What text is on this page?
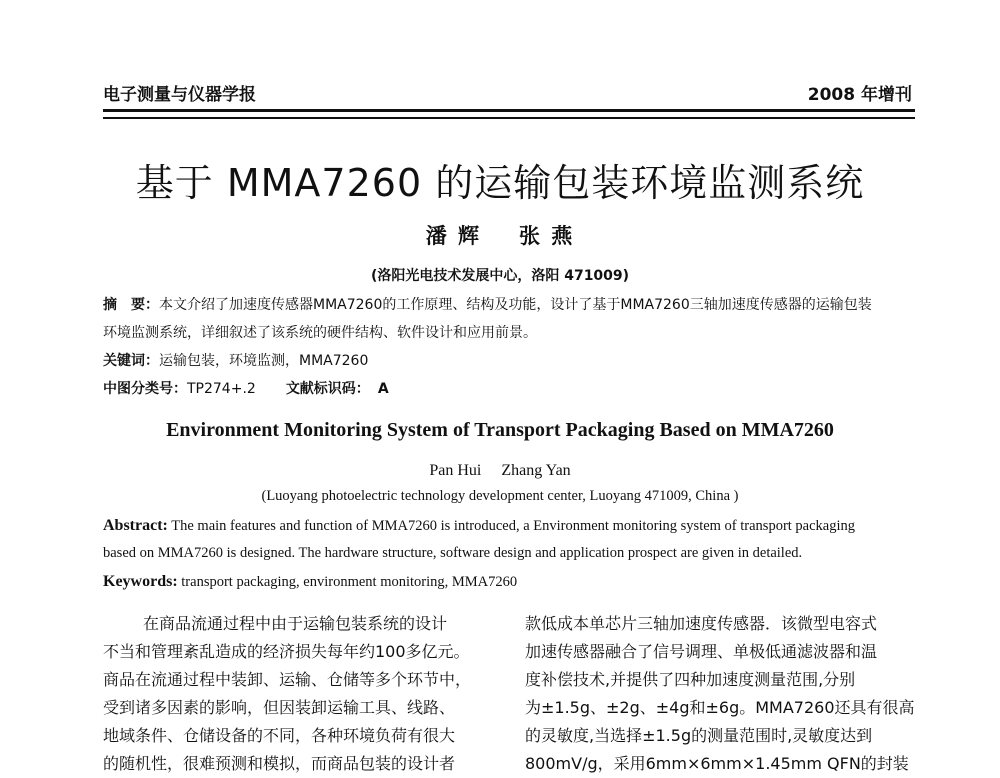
电子测量与仪器学报	2008 年增刊
基于 MMA7260 的运输包装环境监测系统
潘 辉 张 燕
(洛阳光电技术发展中心，洛阳 471009)
摘　要：本文介绍了加速度传感器MMA7260的工作原理、结构及功能，设计了基于MMA7260三轴加速度传感器的运输包装
环境监测系统，详细叙述了该系统的硬件结构、软件设计和应用前景。
关键词：运输包装，环境监测，MMA7260
中图分类号：TP274+.2 文献标识码： A
Environment Monitoring System of Transport Packaging Based on MMA7260
Pan Hui Zhang Yan
(Luoyang photoelectric technology development center, Luoyang 471009, China )
Abstract: The main features and function of MMA7260 is introduced, a Environment monitoring system of transport packaging
based on MMA7260 is designed. The hardware structure, software design and application prospect are given in detailed.
Keywords: transport packaging, environment monitoring, MMA7260
在商品流通过程中由于运输包装系统的设计
不当和管理紊乱造成的经济损失每年约100多亿元。
商品在流通过程中装卸、运输、仓储等多个环节中，
受到诸多因素的影响，但因装卸运输工具、线路、
地域条件、仓储设备的不同，各种环境负荷有很大
的随机性，很难预测和模拟，而商品包装的设计者
款低成本单芯片三轴加速度传感器．该微型电容式
加速传感器融合了信号调理、单极低通滤波器和温
度补偿技术,并提供了四种加速度测量范围,分别
为±1.5g、±2g、±4g和±6g。MMA7260还具有很高
的灵敏度,当选择±1.5g的测量范围时,灵敏度达到
800mV/g，采用6mm×6mm×1.45mm QFN的封装
